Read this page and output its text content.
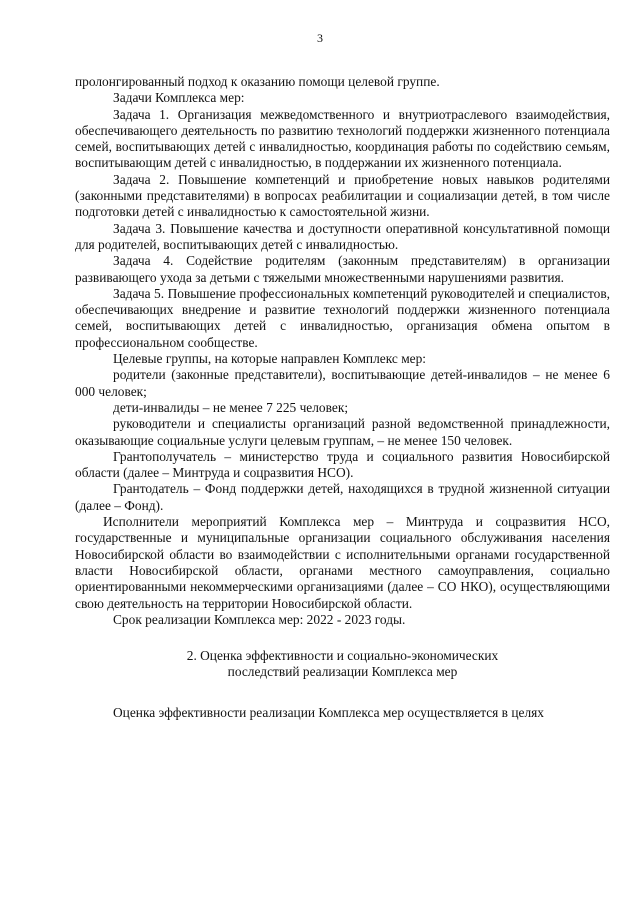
3

пролонгированный подход к оказанию помощи целевой группе.

Задачи Комплекса мер:

Задача 1. Организация межведомственного и внутриотраслевого взаимодействия, обеспечивающего деятельность по развитию технологий поддержки жизненного потенциала семей, воспитывающих детей с инвалидностью, координация работы по содействию семьям, воспитывающим детей с инвалидностью, в поддержании их жизненного потенциала.

Задача 2. Повышение компетенций и приобретение новых навыков родителями (законными представителями) в вопросах реабилитации и социализации детей, в том числе подготовки детей с инвалидностью к самостоятельной жизни.

Задача 3. Повышение качества и доступности оперативной консультативной помощи для родителей, воспитывающих детей с инвалидностью.

Задача 4. Содействие родителям (законным представителям) в организации развивающего ухода за детьми с тяжелыми множественными нарушениями развития.

Задача 5. Повышение профессиональных компетенций руководителей и специалистов, обеспечивающих внедрение и развитие технологий поддержки жизненного потенциала семей, воспитывающих детей с инвалидностью, организация обмена опытом в профессиональном сообществе.

Целевые группы, на которые направлен Комплекс мер:

родители (законные представители), воспитывающие детей-инвалидов – не менее 6 000 человек;

дети-инвалиды – не менее 7 225 человек;

руководители и специалисты организаций разной ведомственной принадлежности, оказывающие социальные услуги целевым группам, – не менее 150 человек.

Грантополучатель – министерство труда и социального развития Новосибирской области (далее – Минтруда и соцразвития НСО).

Грантодатель – Фонд поддержки детей, находящихся в трудной жизненной ситуации (далее – Фонд).

Исполнители мероприятий Комплекса мер – Минтруда и соцразвития НСО, государственные и муниципальные организации социального обслуживания населения Новосибирской области во взаимодействии с исполнительными органами государственной власти Новосибирской области, органами местного самоуправления, социально ориентированными некоммерческими организациями (далее – СО НКО), осуществляющими свою деятельность на территории Новосибирской области.

Срок реализации Комплекса мер: 2022 - 2023 годы.

2. Оценка эффективности и социально-экономических
последствий реализации Комплекса мер

Оценка эффективности реализации Комплекса мер осуществляется в целях
